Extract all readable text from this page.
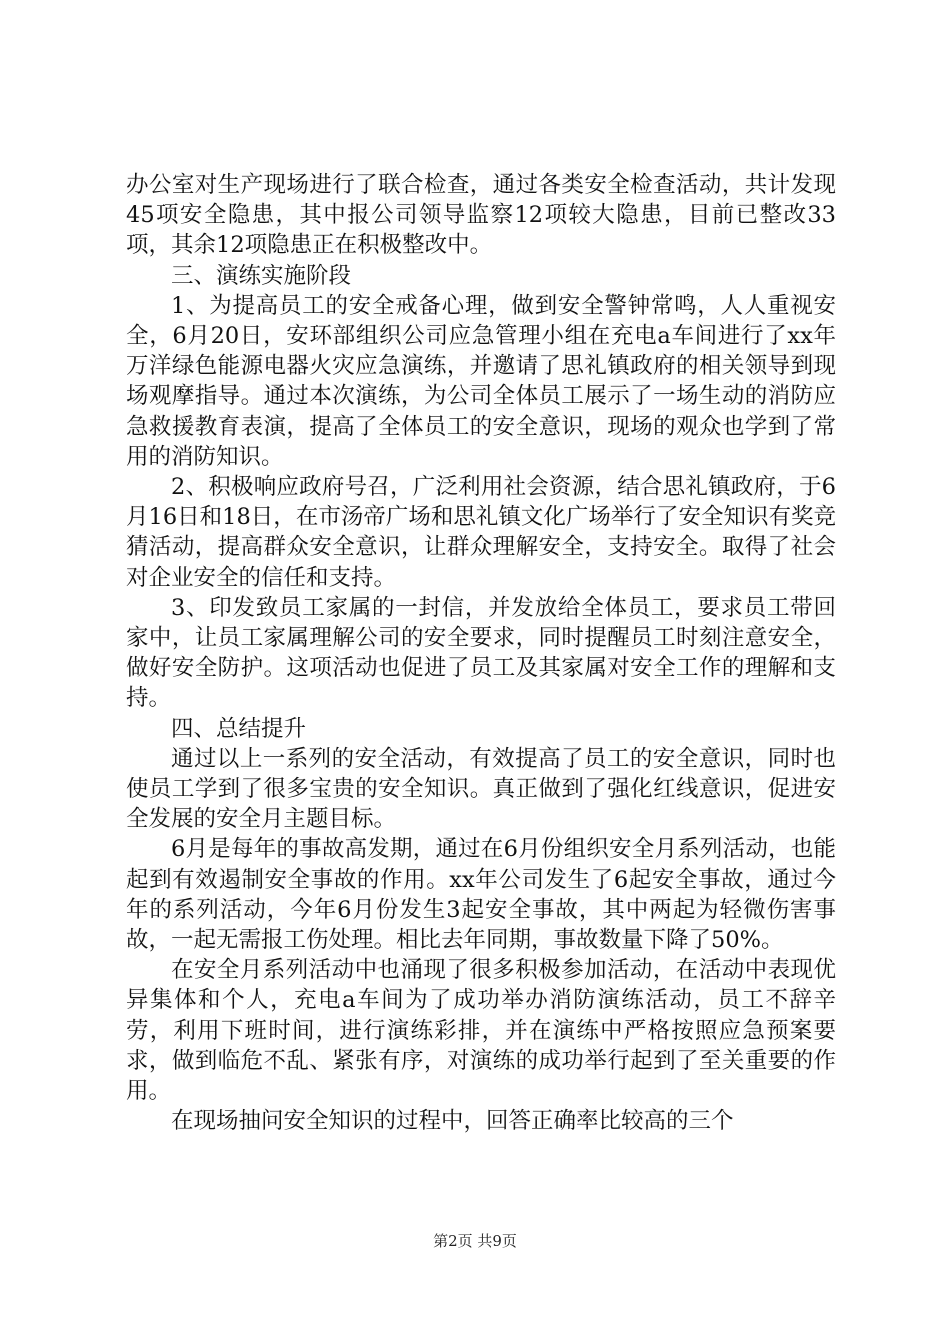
办公室对生产现场进行了联合检查，通过各类安全检查活动，共计发现45项安全隐患，其中报公司领导监察12项较大隐患，目前已整改33项，其余12项隐患正在积极整改中。

三、演练实施阶段

1、为提高员工的安全戒备心理，做到安全警钟常鸣，人人重视安全，6月20日，安环部组织公司应急管理小组在充电a车间进行了xx年万洋绿色能源电器火灾应急演练，并邀请了思礼镇政府的相关领导到现场观摩指导。通过本次演练，为公司全体员工展示了一场生动的消防应急救援教育表演，提高了全体员工的安全意识，现场的观众也学到了常用的消防知识。

2、积极响应政府号召，广泛利用社会资源，结合思礼镇政府，于6月16日和18日，在市汤帝广场和思礼镇文化广场举行了安全知识有奖竞猜活动，提高群众安全意识，让群众理解安全，支持安全。取得了社会对企业安全的信任和支持。

3、印发致员工家属的一封信，并发放给全体员工，要求员工带回家中，让员工家属理解公司的安全要求，同时提醒员工时刻注意安全，做好安全防护。这项活动也促进了员工及其家属对安全工作的理解和支持。

四、总结提升

通过以上一系列的安全活动，有效提高了员工的安全意识，同时也使员工学到了很多宝贵的安全知识。真正做到了强化红线意识，促进安全发展的安全月主题目标。

6月是每年的事故高发期，通过在6月份组织安全月系列活动，也能起到有效遏制安全事故的作用。xx年公司发生了6起安全事故，通过今年的系列活动，今年6月份发生3起安全事故，其中两起为轻微伤害事故，一起无需报工伤处理。相比去年同期，事故数量下降了50%。

在安全月系列活动中也涌现了很多积极参加活动，在活动中表现优异集体和个人，充电a车间为了成功举办消防演练活动，员工不辞辛劳，利用下班时间，进行演练彩排，并在演练中严格按照应急预案要求，做到临危不乱、紧张有序，对演练的成功举行起到了至关重要的作用。

在现场抽问安全知识的过程中，回答正确率比较高的三个

第2页 共9页
